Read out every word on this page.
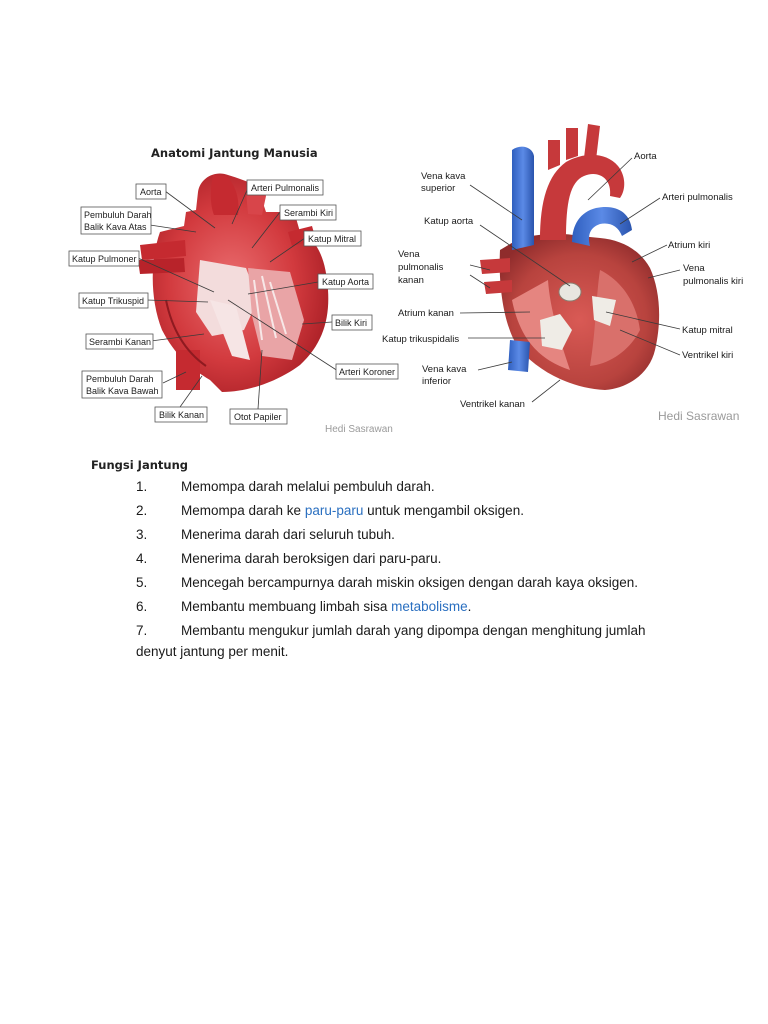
Anatomi Jantung Manusia
Aorta	Arteri Pulmonalis
Pembuluh Darah
Balik Kava Atas
Serambi Kiri
Katup Mitral
Katup Pulmoner
Katup Aorta
Katup Trikuspid
Bilik Kiri
Serambi Kanan
Arteri Koroner
Pembuluh Darah
Balik Kava Bawah
Bilik Kanan	Otot Papiler
Hedi Sasrawan
Vena kava
superior
Aorta
Arteri pulmonalis
Katup aorta
Atrium kiri
Vena
pulmonalis
kanan
Vena
pulmonalis kiri
Atrium kanan
Katup trikuspidalis
Katup mitral
Ventrikel kiri
Vena kava
inferior
Ventrikel kanan
Hedi Sasrawan
Fungsi Jantung
1. Memompa darah melalui pembuluh darah.
2. Memompa darah ke paru-paru untuk mengambil oksigen.
3. Menerima darah dari seluruh tubuh.
4. Menerima darah beroksigen dari paru-paru.
5. Mencegah bercampurnya darah miskin oksigen dengan darah kaya oksigen.
6. Membantu membuang limbah sisa metabolisme.
7. Membantu mengukur jumlah darah yang dipompa dengan menghitung jumlah
denyut jantung per menit.
